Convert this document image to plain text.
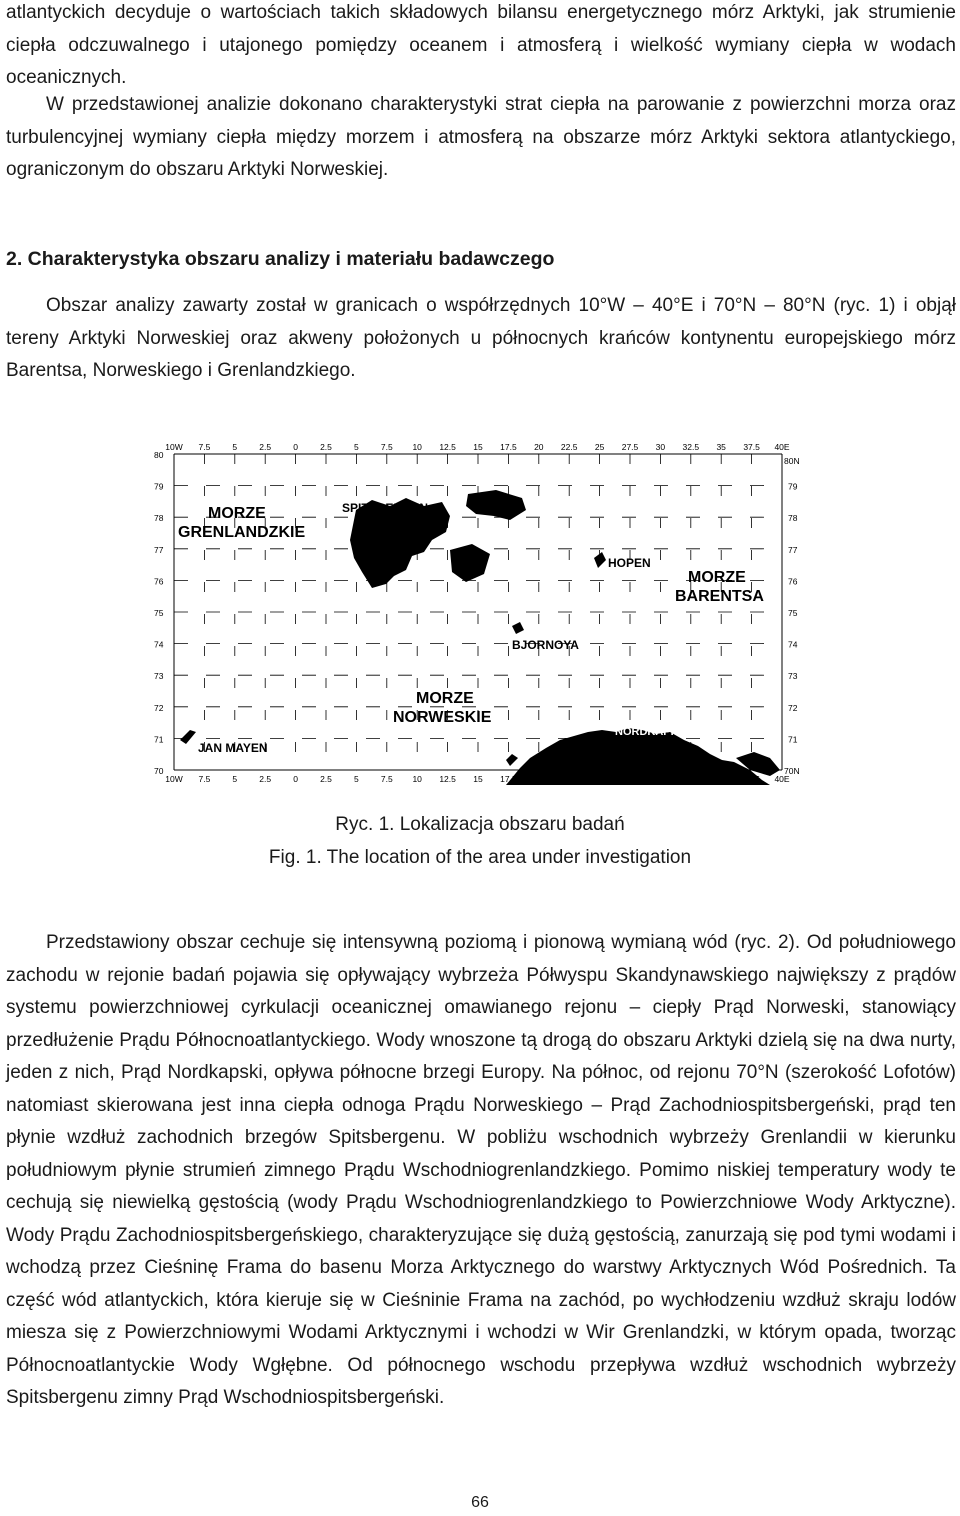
atlantyckich decyduje o wartościach takich składowych bilansu energetycznego mórz Arktyki, jak strumienie ciepła odczuwalnego i utajonego pomiędzy oceanem i atmosferą i wielkość wymiany ciepła w wodach oceanicznych.

W przedstawionej analizie dokonano charakterystyki strat ciepła na parowanie z powierzchni morza oraz turbulencyjnej wymiany ciepła między morzem i atmosferą na obszarze mórz Arktyki sektora atlantyckiego, ograniczonym do obszaru Arktyki Norweskiej.

2. Charakterystyka obszaru analizy i materiału badawczego

Obszar analizy zawarty został w granicach o współrzędnych 10°W – 40°E i 70°N – 80°N (ryc. 1) i objął tereny Arktyki Norweskiej oraz akweny położonych u północnych krańców kontynentu europejskiego mórz Barentsa, Norweskiego i Grenlandzkiego.

10W
10W
7.5
7.5
5
5
2.5
2.5
0
0
2.5
2.5
5
5
7.5
7.5
10
10
12.5
12.5
15
15
17.5
17.5
20
20
22.5
22.5
25
25
27.5
27.5
30
30
32.5
32.5
35
35
37.5
37.5
40E
40E
80
79	79
78	78
77	77
76	76
75	75
74	74
73	73
72	72
71	71
70
80N
70N
MORZE
GRENLANDZKIE
SPITSBERGEN
HOPEN
MORZE
BARENTSA
BJORNOYA
MORZE
NORWESKIE
JAN MAYEN
NORDKAPP

Ryc. 1. Lokalizacja obszaru badań

Fig. 1. The location of the area under investigation

Przedstawiony obszar cechuje się intensywną poziomą i pionową wymianą wód (ryc. 2). Od południowego zachodu w rejonie badań pojawia się opływający wybrzeża Półwyspu Skandynawskiego największy z prądów systemu powierzchniowej cyrkulacji oceanicznej omawianego rejonu – ciepły Prąd Norweski, stanowiący przedłużenie Prądu Północnoatlantyckiego. Wody wnoszone tą drogą do obszaru Arktyki dzielą się na dwa nurty, jeden z nich, Prąd Nordkapski, opływa północne brzegi Europy. Na północ, od rejonu 70°N (szerokość Lofotów) natomiast skierowana jest inna ciepła odnoga Prądu Norweskiego – Prąd Zachodniospitsbergeński, prąd ten płynie wzdłuż zachodnich brzegów Spitsbergenu. W pobliżu wschodnich wybrzeży Grenlandii w kierunku południowym płynie strumień zimnego Prądu Wschodniogrenlandzkiego. Pomimo niskiej temperatury wody te cechują się niewielką gęstością (wody Prądu Wschodniogrenlandzkiego to Powierzchniowe Wody Arktyczne). Wody Prądu Zachodniospitsbergeńskiego, charakteryzujące się dużą gęstością, zanurzają się pod tymi wodami i wchodzą przez Cieśninę Frama do basenu Morza Arktycznego do warstwy Arktycznych Wód Pośrednich. Ta część wód atlantyckich, która kieruje się w Cieśninie Frama na zachód, po wychłodzeniu wzdłuż skraju lodów miesza się z Powierzchniowymi Wodami Arktycznymi i wchodzi w Wir Grenlandzki, w którym opada, tworząc Północnoatlantyckie Wody Wgłębne. Od północnego wschodu przepływa wzdłuż wschodnich wybrzeży Spitsbergenu zimny Prąd Wschodniospitsbergeński.

66
